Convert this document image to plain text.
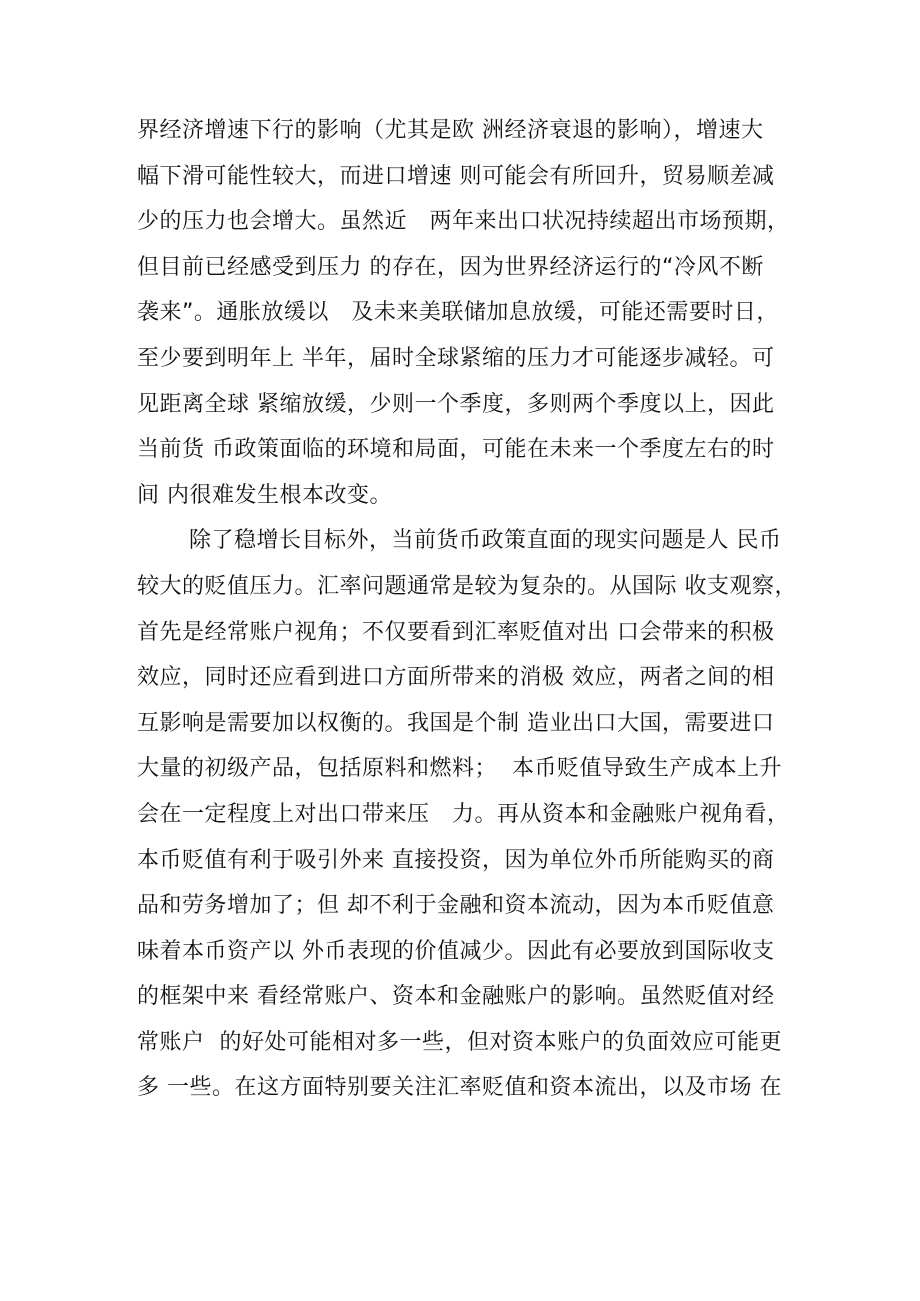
界经济增速下行的影响（尤其是欧 洲经济衰退的影响），增速大
幅下滑可能性较大，而进口增速 则可能会有所回升，贸易顺差减
少的压力也会增大。虽然近   两年来出口状况持续超出市场预期，
但目前已经感受到压力 的存在，因为世界经济运行的“冷风不断
袭来”。通胀放缓以   及未来美联储加息放缓，可能还需要时日，
至少要到明年上 半年，届时全球紧缩的压力才可能逐步减轻。可
见距离全球 紧缩放缓，少则一个季度，多则两个季度以上，因此
当前货 币政策面临的环境和局面，可能在未来一个季度左右的时
间 内很难发生根本改变。
除了稳增长目标外，当前货币政策直面的现实问题是人 民币
较大的贬值压力。汇率问题通常是较为复杂的。从国际 收支观察，
首先是经常账户视角；不仅要看到汇率贬值对出 口会带来的积极
效应，同时还应看到进口方面所带来的消极 效应，两者之间的相
互影响是需要加以权衡的。我国是个制 造业出口大国，需要进口
大量的初级产品，包括原料和燃料；  本币贬值导致生产成本上升
会在一定程度上对出口带来压   力。再从资本和金融账户视角看，
本币贬值有利于吸引外来 直接投资，因为单位外币所能购买的商
品和劳务增加了；但 却不利于金融和资本流动，因为本币贬值意
味着本币资产以 外币表现的价值减少。因此有必要放到国际收支
的框架中来 看经常账户、资本和金融账户的影响。虽然贬值对经
常账户  的好处可能相对多一些，但对资本账户的负面效应可能更
多 一些。在这方面特别要关注汇率贬值和资本流出，以及市场 在
